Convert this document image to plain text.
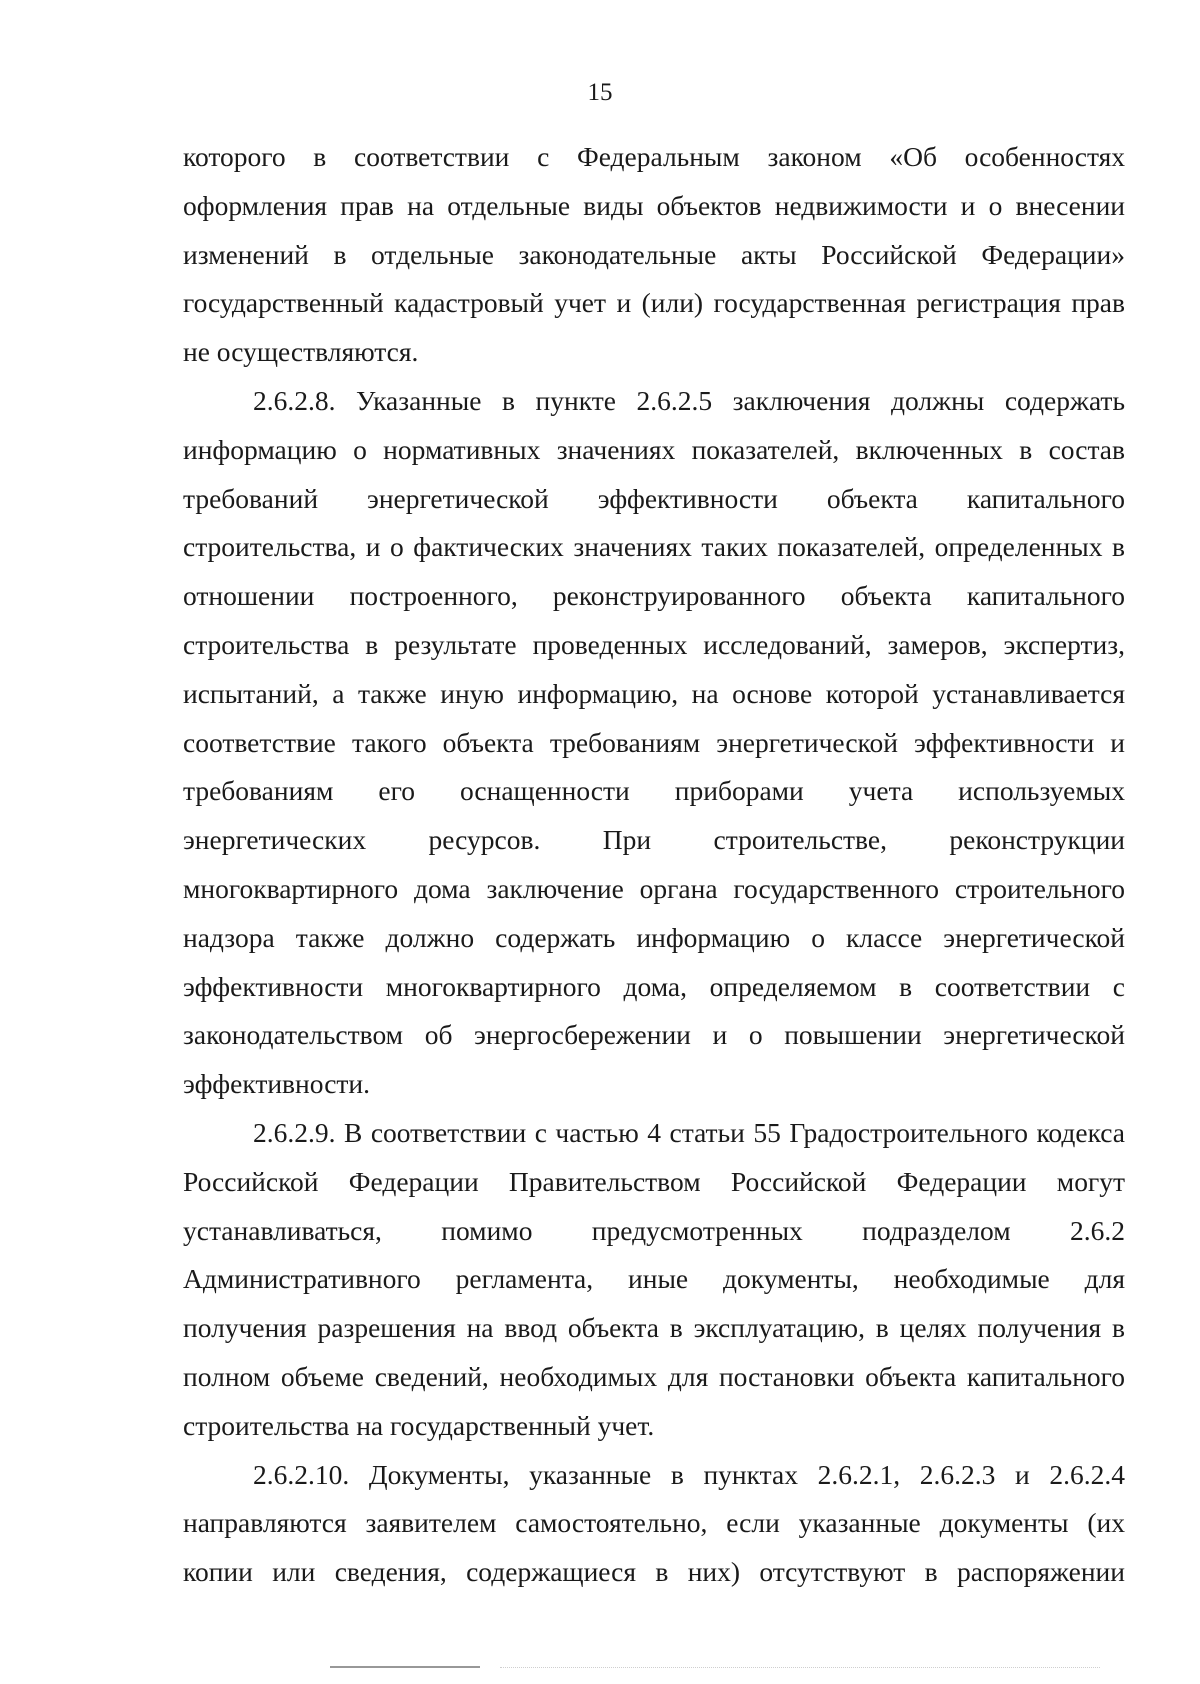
15
которого в соответствии с Федеральным законом «Об особенностях
оформления прав на отдельные виды объектов недвижимости и о внесении
изменений в отдельные законодательные акты Российской Федерации»
государственный кадастровый учет и (или) государственная регистрация прав
не осуществляются.
2.6.2.8. Указанные в пункте 2.6.2.5 заключения должны содержать
информацию о нормативных значениях показателей, включенных в состав
требований энергетической эффективности объекта капитального
строительства, и о фактических значениях таких показателей, определенных в
отношении построенного, реконструированного объекта капитального
строительства в результате проведенных исследований, замеров, экспертиз,
испытаний, а также иную информацию, на основе которой устанавливается
соответствие такого объекта требованиям энергетической эффективности и
требованиям его оснащенности приборами учета используемых
энергетических ресурсов. При строительстве, реконструкции
многоквартирного дома заключение органа государственного строительного
надзора также должно содержать информацию о классе энергетической
эффективности многоквартирного дома, определяемом в соответствии с
законодательством об энергосбережении и о повышении энергетической
эффективности.
2.6.2.9. В соответствии с частью 4 статьи 55 Градостроительного кодекса
Российской Федерации Правительством Российской Федерации могут
устанавливаться, помимо предусмотренных подразделом 2.6.2
Административного регламента, иные документы, необходимые для
получения разрешения на ввод объекта в эксплуатацию, в целях получения в
полном объеме сведений, необходимых для постановки объекта капитального
строительства на государственный учет.
2.6.2.10. Документы, указанные в пунктах 2.6.2.1, 2.6.2.3 и 2.6.2.4
направляются заявителем самостоятельно, если указанные документы (их
копии или сведения, содержащиеся в них) отсутствуют в распоряжении
